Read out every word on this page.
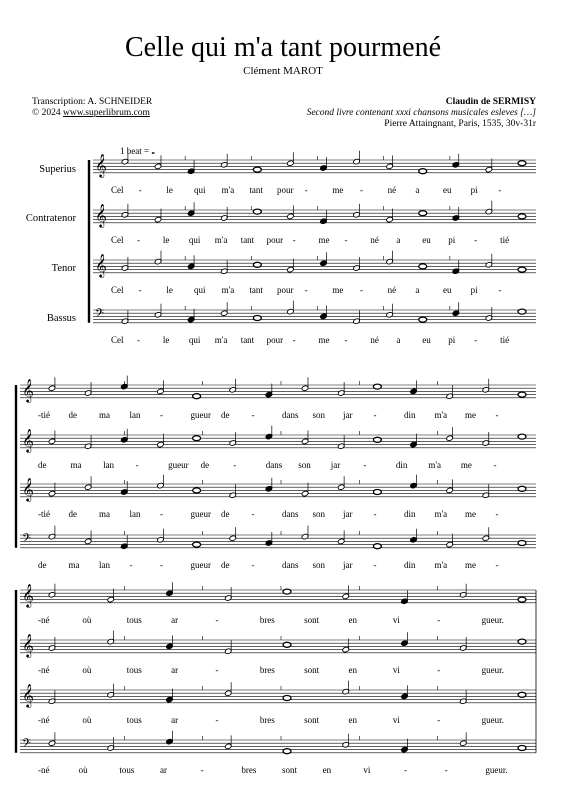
Celle qui m'a tant pourmené
Clément MAROT
Transcription: A. SCHNEIDER
© 2024 www.superlibrum.com
Claudin de SERMISY
Second livre contenant xxxi chansons musicales esleves […]
Pierre Attaingnant, Paris, 1535, 30v-31r
1 beat = 𝅝
Superius
Contratenor
Tenor
Bassus
𝄞
𝄞
𝄞
𝄢
𝄞
𝄞
𝄞
𝄢
𝄞
𝄞
𝄞
𝄢
Cel -	le qui m'a tant pour -	me -	né a	eu pi -
Cel -	le qui m'a tant pour -	me -	né a eu pi -	tié
Cel -	le qui m'a tant pour -	me -	né a	eu pi -
Cel -	le qui m'a tant pour -	me -	né a eu pi -	tié
-tié de ma lan -	gueur de -	dans son jar -	din m'a me -
de	ma lan -	gueur de	-	dans son jar	-	din m'a me -
-tié de ma lan -	gueur de -	dans son jar -	din m'a me -
de ma lan -	-	gueur de -	dans son jar -	din m'a me -
-né	où	tous	ar	-	bres	sont	en	vi	-	gueur.
-né	où	tous	ar	-	bres	sont	en	vi	-	gueur.
-né	où	tous	ar	-	bres	sont	en	vi	-	gueur.
-né	où	tous	ar	-	bres	sont	en	vi	-	-	gueur.
